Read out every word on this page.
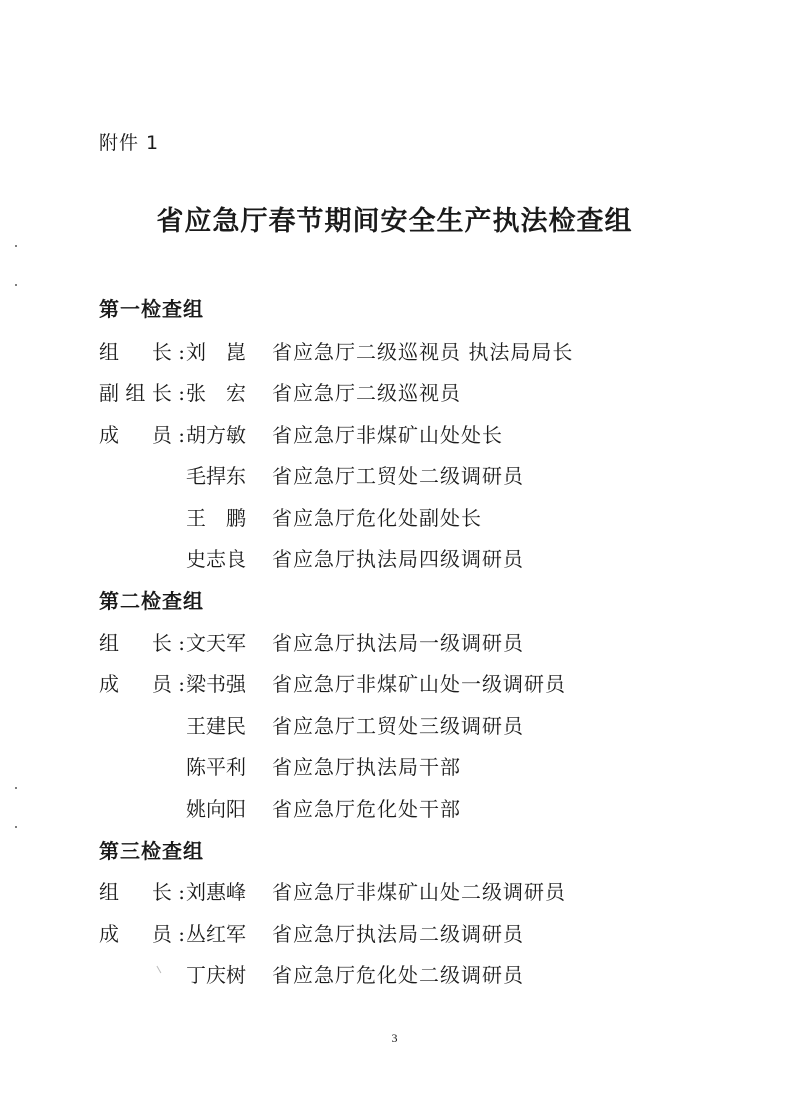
附件 1
省应急厅春节期间安全生产执法检查组
第一检查组
组　长: 刘　崑 省应急厅二级巡视员 执法局局长
副组长: 张　宏 省应急厅二级巡视员
成　员: 胡方敏 省应急厅非煤矿山处处长
毛捍东 省应急厅工贸处二级调研员
王　鹏 省应急厅危化处副处长
史志良 省应急厅执法局四级调研员
第二检查组
组　长: 文天军 省应急厅执法局一级调研员
成　员: 梁书强 省应急厅非煤矿山处一级调研员
王建民 省应急厅工贸处三级调研员
陈平利 省应急厅执法局干部
姚向阳 省应急厅危化处干部
第三检查组
组　长: 刘惠峰 省应急厅非煤矿山处二级调研员
成　员: 丛红军 省应急厅执法局二级调研员
丁庆树 省应急厅危化处二级调研员
3
